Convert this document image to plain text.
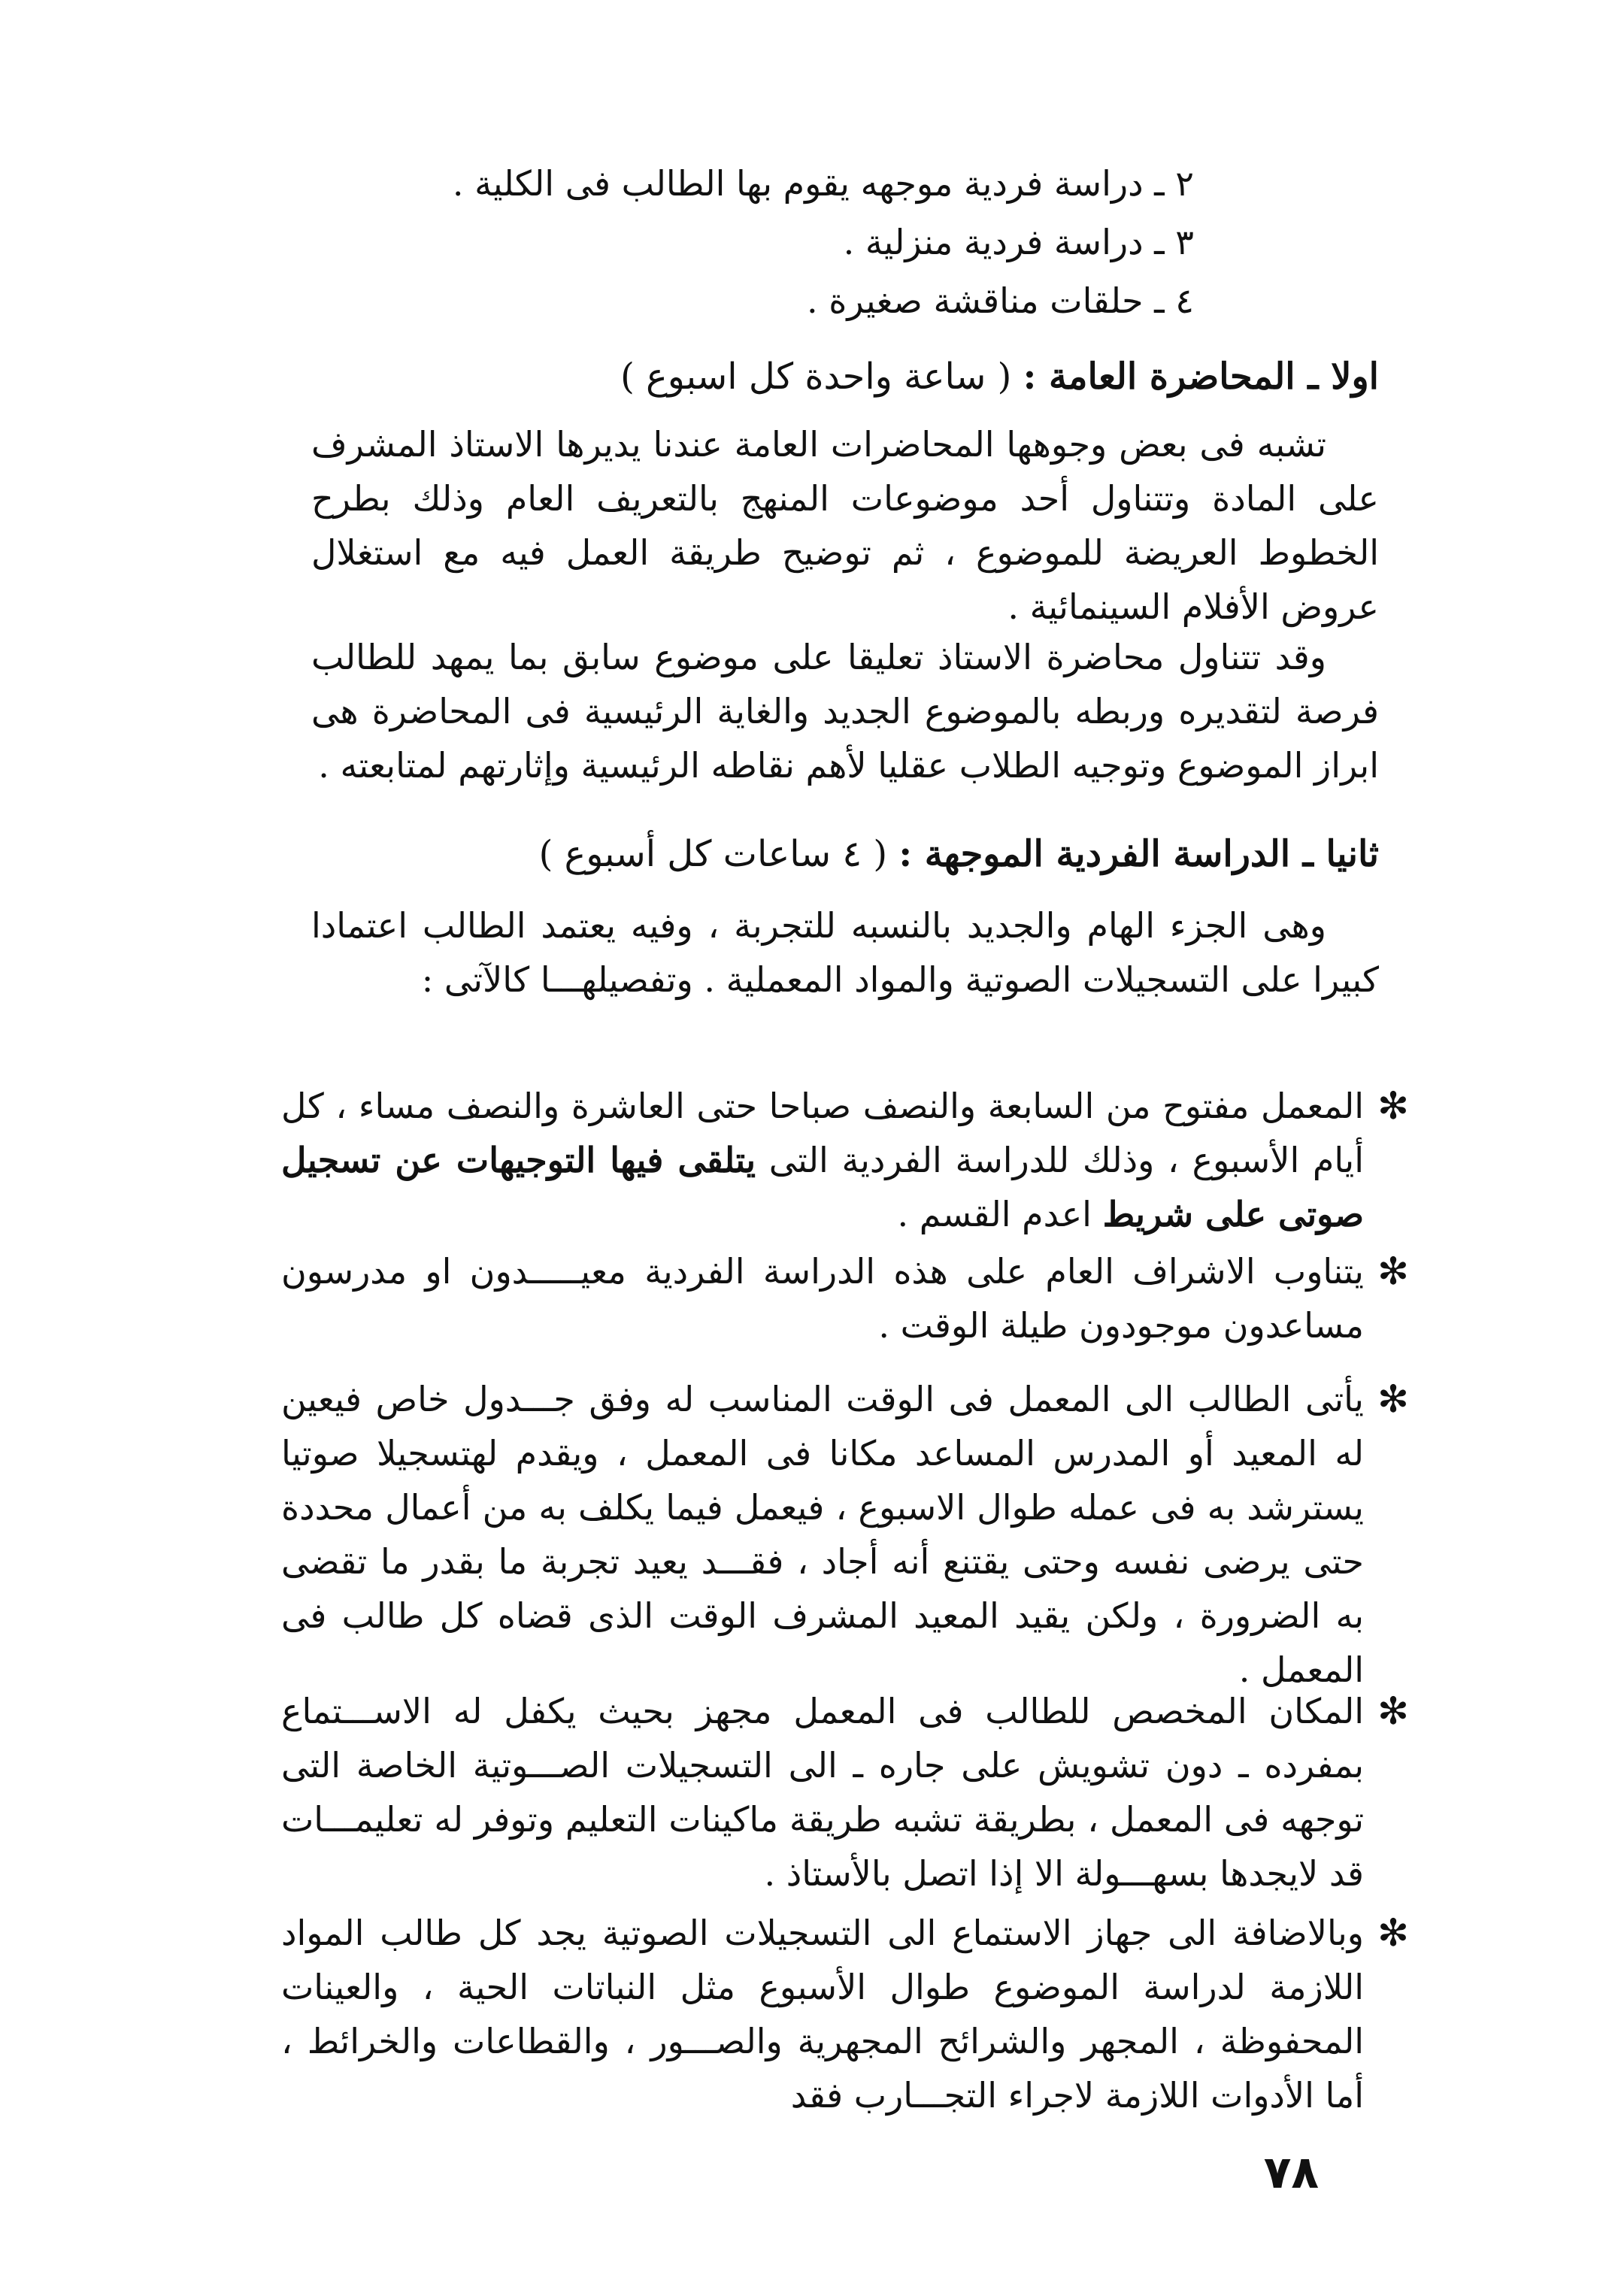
٢ ـ دراسة فردية موجهه يقوم بها الطالب فى الكلية .
٣ ـ دراسة فردية منزلية .
٤ ـ حلقات مناقشة صغيرة .
اولا ـ المحاضرة العامة : ( ساعة واحدة كل اسبوع )
تشبه فى بعض وجوهها المحاضرات العامة عندنا يديرها الاستاذ المشرف على المادة وتتناول أحد موضوعات المنهج بالتعريف العام وذلك بطرح الخطوط العريضة للموضوع ، ثم توضيح طريقة العمل فيه مع استغلال عروض الأفلام السينمائية .
وقد تتناول محاضرة الاستاذ تعليقا على موضوع سابق بما يمهد للطالب فرصة لتقديره وربطه بالموضوع الجديد والغاية الرئيسية فى المحاضرة هى ابراز الموضوع وتوجيه الطلاب عقليا لأهم نقاطه الرئيسية وإثارتهم لمتابعته .
ثانيا ـ الدراسة الفردية الموجهة : ( ٤ ساعات كل أسبوع )
وهى الجزء الهام والجديد بالنسبه للتجربة ، وفيه يعتمد الطالب اعتمادا كبيرا على التسجيلات الصوتية والمواد المعملية . وتفصيلهـــا كالآتى :
✻
المعمل مفتوح من السابعة والنصف صباحا حتى العاشرة والنصف مساء ، كل أيام الأسبوع ، وذلك للدراسة الفردية التى يتلقى فيها التوجيهات عن تسجيل صوتى على شريط اعدم القسم .
✻
يتناوب الاشراف العام على هذه الدراسة الفردية معيـــــدون او مدرسون مساعدون موجودون طيلة الوقت .
✻
يأتى الطالب الى المعمل فى الوقت المناسب له وفق جـــدول خاص فيعين له المعيد أو المدرس المساعد مكانا فى المعمل ، ويقدم لهتسجيلا صوتيا يسترشد به فى عمله طوال الاسبوع ، فيعمل فيما يكلف به من أعمال محددة حتى يرضى نفسه وحتى يقتنع أنه أجاد ، فقـــد يعيد تجربة ما بقدر ما تقضى به الضرورة ، ولكن يقيد المعيد المشرف الوقت الذى قضاه كل طالب فى المعمل .
✻
المكان المخصص للطالب فى المعمل مجهز بحيث يكفل له الاســـتماع بمفرده ـ دون تشويش على جاره ـ الى التسجيلات الصـــوتية الخاصة التى توجهه فى المعمل ، بطريقة تشبه طريقة ماكينات التعليم وتوفر له تعليمـــات قد لايجدها بسهـــولة الا إذا اتصل بالأستاذ .
✻
وبالاضافة الى جهاز الاستماع الى التسجيلات الصوتية يجد كل طالب المواد اللازمة لدراسة الموضوع طوال الأسبوع مثل النباتات الحية ، والعينات المحفوظة ، المجهر والشرائح المجهرية والصـــور ، والقطاعات والخرائط ، أما الأدوات اللازمة لاجراء التجـــارب فقد
٧٨
